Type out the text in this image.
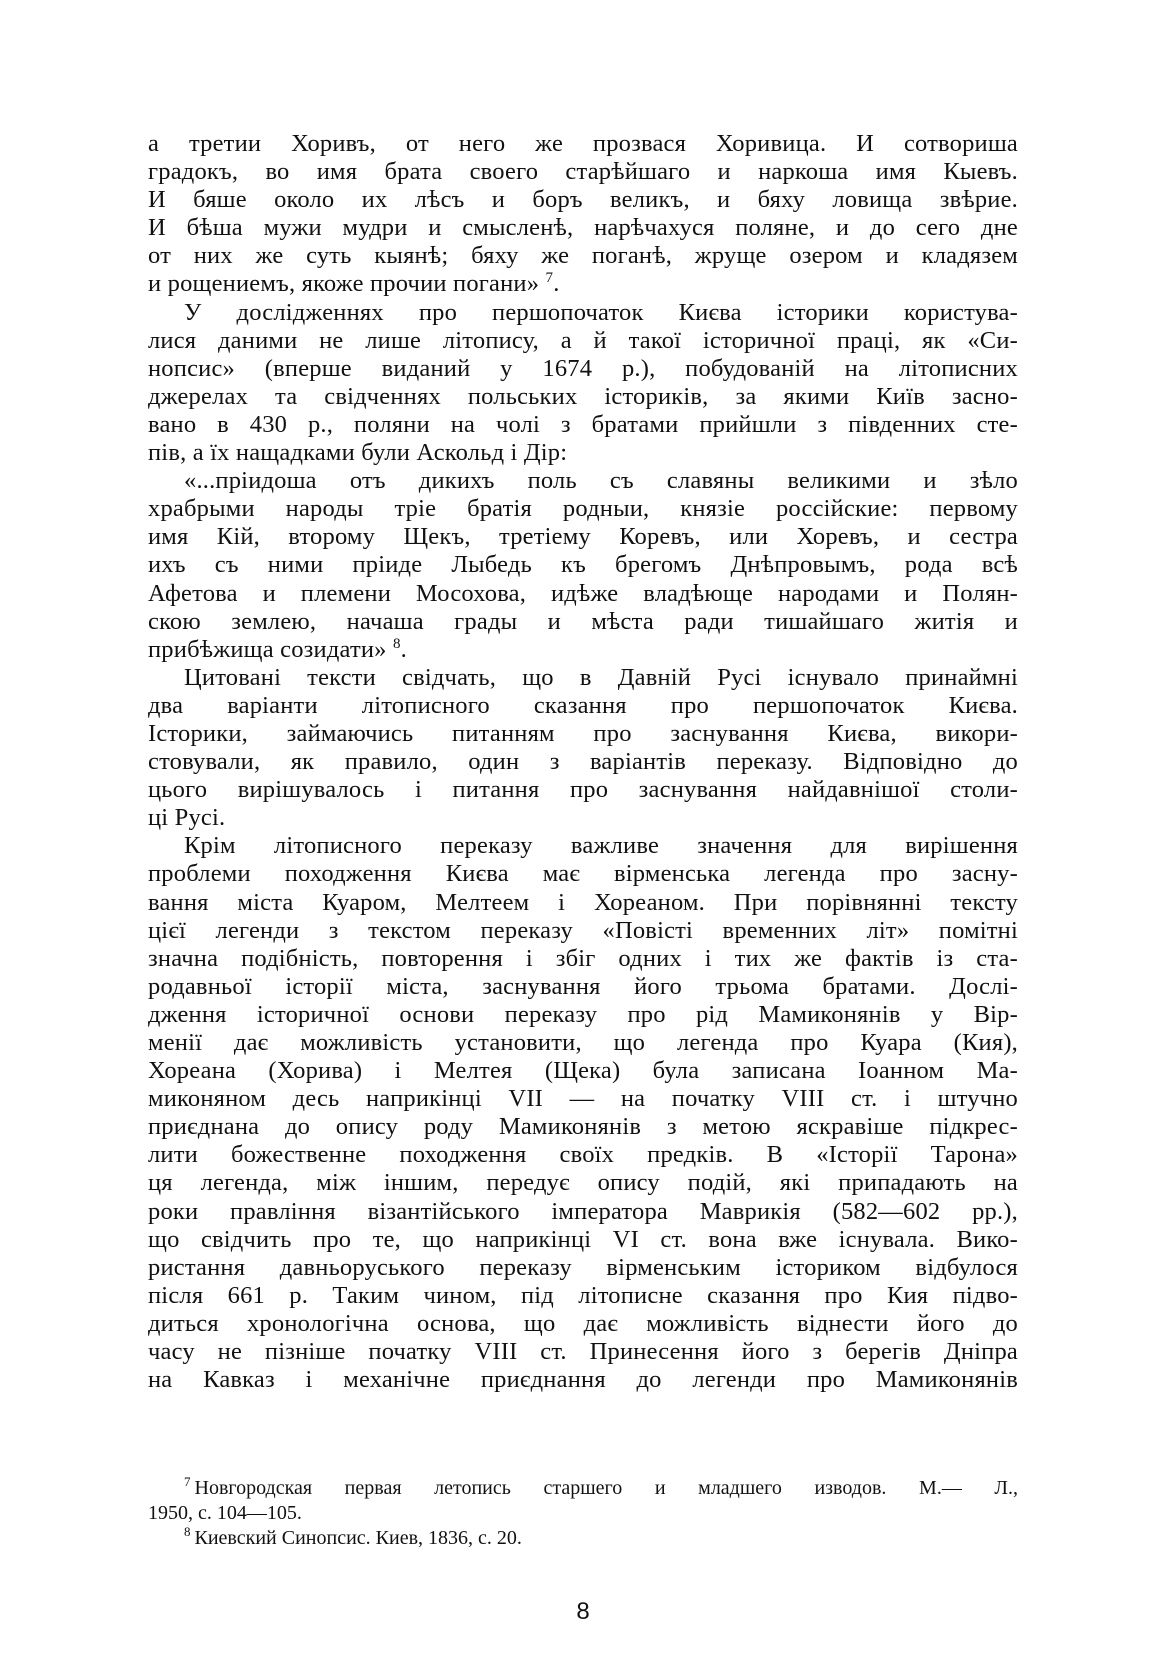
а третии Хоривъ, от него же прозвася Хоривица. И сотвориша
градокъ, во имя брата своего старѣйшаго и наркоша имя Кыевъ.
И бяше около их лѣсъ и боръ великъ, и бяху ловища звѣрие.
И бѣша мужи мудри и смысленѣ, нарѣчахуся поляне, и до сего дне
от них же суть кыянѣ; бяху же поганѣ, жруще озером и кладязем
и рощениемъ, якоже прочии погани» $^7$.
У дослідженнях про першопочаток Києва історики користува-
лися даними не лише літопису, а й такої історичної праці, як «Си-
нопсис» (вперше виданий у 1674 р.), побудованій на літописних
джерелах та свідченнях польських істориків, за якими Київ засно-
вано в 430 р., поляни на чолі з братами прийшли з південних сте-
пів, а їх нащадками були Аскольд і Дір:
«...пріидоша отъ дикихъ поль съ славяны великими и зѣло
храбрыми народы тріе братія родныи, князіе россійские: первому
имя Кій, второму Щекъ, третіему Коревъ, или Хоревъ, и сестра
ихъ съ ними пріиде Лыбедь къ брегомъ Днѣпровымъ, рода всѣ
Афетова и племени Мосохова, идѣже владѣюще народами и Полян-
скою землею, начаша грады и мѣста ради тишайшаго житія и
прибѣжища созидати» $^8$.
Цитовані тексти свідчать, що в Давній Русі існувало принаймні
два варіанти літописного сказання про першопочаток Києва.
Історики, займаючись питанням про заснування Києва, викори-
стовували, як правило, один з варіантів переказу. Відповідно до
цього вирішувалось і питання про заснування найдавнішої столи-
ці Русі.
Крім літописного переказу важливе значення для вирішення
проблеми походження Києва має вірменська легенда про засну-
вання міста Куаром, Мелтеем і Хореаном. При порівнянні тексту
цієї легенди з текстом переказу «Повісті временних літ» помітні
значна подібність, повторення і збіг одних і тих же фактів із ста-
родавньої історії міста, заснування його трьома братами. Дослі-
дження історичної основи переказу про рід Мамиконянів у Вір-
менії дає можливість установити, що легенда про Куара (Кия),
Хореана (Хорива) і Мелтея (Щека) була записана Іоанном Ма-
миконяном десь наприкінці VII — на початку VIII ст. і штучно
приєднана до опису роду Мамиконянів з метою яскравіше підкрес-
лити божественне походження своїх предків. В «Історії Тарона»
ця легенда, між іншим, передує опису подій, які припадають на
роки правління візантійського імператора Маврикія (582—602 рр.),
що свідчить про те, що наприкінці VI ст. вона вже існувала. Вико-
ристання давньоруського переказу вірменським істориком відбулося
після 661 р. Таким чином, під літописне сказання про Кия підво-
диться хронологічна основа, що дає можливість віднести його до
часу не пізніше початку VIII ст. Принесення його з берегів Дніпра
на Кавказ і механічне приєднання до легенди про Мамиконянів
$^7$ Новгородская первая летопись старшего и младшего изводов. М.— Л.,
1950, с. 104—105.
$^8$ Киевский Синопсис. Киев, 1836, с. 20.
8
